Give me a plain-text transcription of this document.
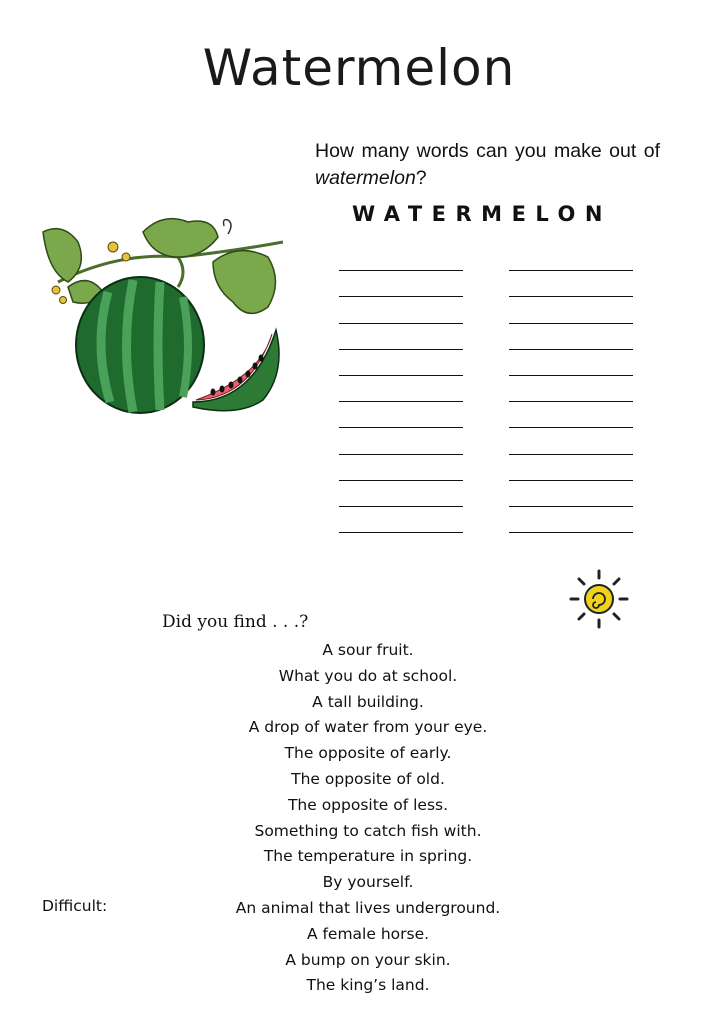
Watermelon
How many words can you make out of watermelon?
WATERMELON
Did you find . . .?
Difficult:
A sour fruit.
What you do at school.
A tall building.
A drop of water from your eye.
The opposite of early.
The opposite of old.
The opposite of less.
Something to catch fish with.
The temperature in spring.
By yourself.
An animal that lives underground.
A female horse.
A bump on your skin.
The king’s land.
